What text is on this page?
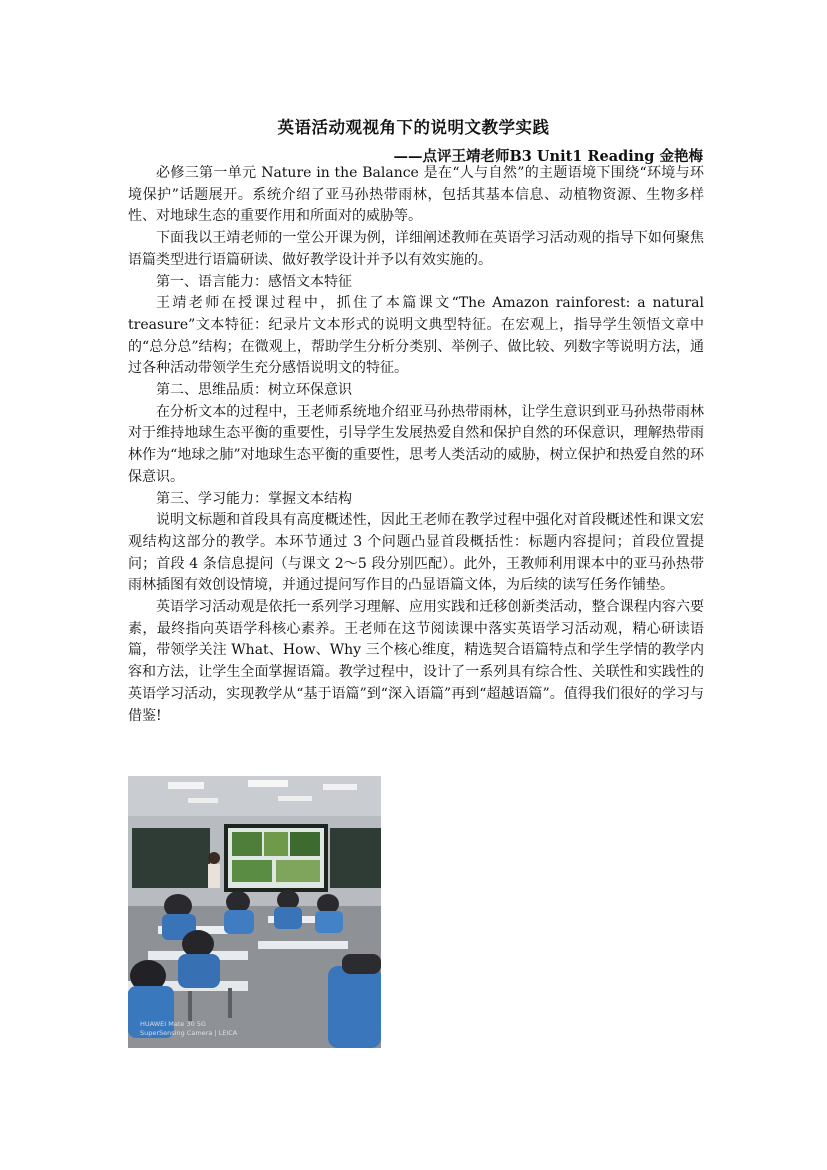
英语活动观视角下的说明文教学实践
——点评王靖老师B3 Unit1 Reading 金艳梅

必修三第一单元 Nature in the Balance 是在“人与自然”的主题语境下围绕“环境与环境保护”话题展开。系统介绍了亚马孙热带雨林，包括其基本信息、动植物资源、生物多样性、对地球生态的重要作用和所面对的威胁等。

下面我以王靖老师的一堂公开课为例，详细阐述教师在英语学习活动观的指导下如何聚焦语篇类型进行语篇研读、做好教学设计并予以有效实施的。

第一、语言能力：感悟文本特征

王靖老师在授课过程中，抓住了本篇课文“The Amazon rainforest: a natural treasure”文本特征：纪录片文本形式的说明文典型特征。在宏观上，指导学生领悟文章中的“总分总”结构；在微观上，帮助学生分析分类别、举例子、做比较、列数字等说明方法，通过各种活动带领学生充分感悟说明文的特征。

第二、思维品质：树立环保意识

在分析文本的过程中，王老师系统地介绍亚马孙热带雨林，让学生意识到亚马孙热带雨林对于维持地球生态平衡的重要性，引导学生发展热爱自然和保护自然的环保意识，理解热带雨林作为“地球之肺”对地球生态平衡的重要性，思考人类活动的威胁，树立保护和热爱自然的环保意识。

第三、学习能力：掌握文本结构

说明文标题和首段具有高度概述性，因此王老师在教学过程中强化对首段概述性和课文宏观结构这部分的教学。本环节通过 3 个问题凸显首段概括性：标题内容提问；首段位置提问；首段 4 条信息提问（与课文 2～5 段分别匹配）。此外，王教师利用课本中的亚马孙热带雨林插图有效创设情境，并通过提问写作目的凸显语篇文体，为后续的读写任务作铺垫。

英语学习活动观是依托一系列学习理解、应用实践和迁移创新类活动，整合课程内容六要素，最终指向英语学科核心素养。王老师在这节阅读课中落实英语学习活动观，精心研读语篇，带领学关注 What、How、Why 三个核心维度，精选契合语篇特点和学生学情的教学内容和方法，让学生全面掌握语篇。教学过程中，设计了一系列具有综合性、关联性和实践性的英语学习活动，实现教学从“基于语篇”到“深入语篇”再到“超越语篇”。值得我们很好的学习与借鉴!

HUAWEI Mate 30 5G
SuperSensing Camera | LEICA
